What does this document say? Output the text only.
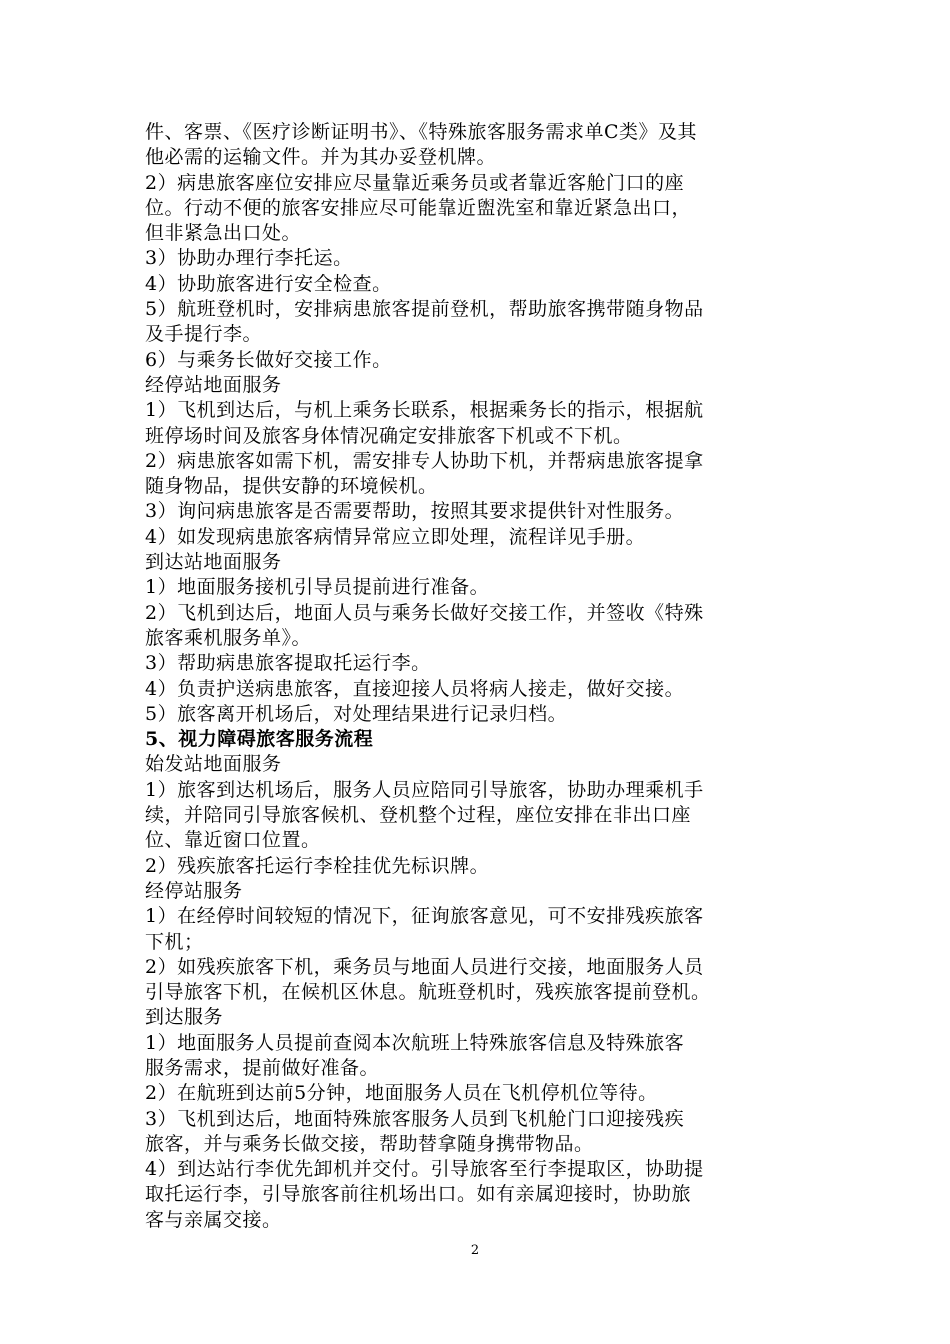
件、客票、《医疗诊断证明书》、《特殊旅客服务需求单C类》及其
他必需的运输文件。并为其办妥登机牌。
2）病患旅客座位安排应尽量靠近乘务员或者靠近客舱门口的座
位。行动不便的旅客安排应尽可能靠近盥洗室和靠近紧急出口，
但非紧急出口处。
3）协助办理行李托运。
4）协助旅客进行安全检查。
5）航班登机时，安排病患旅客提前登机，帮助旅客携带随身物品
及手提行李。
6）与乘务长做好交接工作。
经停站地面服务
1）飞机到达后，与机上乘务长联系，根据乘务长的指示，根据航
班停场时间及旅客身体情况确定安排旅客下机或不下机。
2）病患旅客如需下机，需安排专人协助下机，并帮病患旅客提拿
随身物品，提供安静的环境候机。
3）询问病患旅客是否需要帮助，按照其要求提供针对性服务。
4）如发现病患旅客病情异常应立即处理，流程详见手册。
到达站地面服务
1）地面服务接机引导员提前进行准备。
2）飞机到达后，地面人员与乘务长做好交接工作，并签收《特殊
旅客乘机服务单》。
3）帮助病患旅客提取托运行李。
4）负责护送病患旅客，直接迎接人员将病人接走，做好交接。
5）旅客离开机场后，对处理结果进行记录归档。
5、视力障碍旅客服务流程
始发站地面服务
1）旅客到达机场后，服务人员应陪同引导旅客，协助办理乘机手
续，并陪同引导旅客候机、登机整个过程，座位安排在非出口座
位、靠近窗口位置。
2）残疾旅客托运行李栓挂优先标识牌。
经停站服务
1）在经停时间较短的情况下，征询旅客意见，可不安排残疾旅客
下机；
2）如残疾旅客下机，乘务员与地面人员进行交接，地面服务人员
引导旅客下机，在候机区休息。航班登机时，残疾旅客提前登机。
到达服务
1）地面服务人员提前查阅本次航班上特殊旅客信息及特殊旅客
服务需求，提前做好准备。
2）在航班到达前5分钟，地面服务人员在飞机停机位等待。
3）飞机到达后，地面特殊旅客服务人员到飞机舱门口迎接残疾
旅客，并与乘务长做交接，帮助替拿随身携带物品。
4）到达站行李优先卸机并交付。引导旅客至行李提取区，协助提
取托运行李，引导旅客前往机场出口。如有亲属迎接时，协助旅
客与亲属交接。
2
